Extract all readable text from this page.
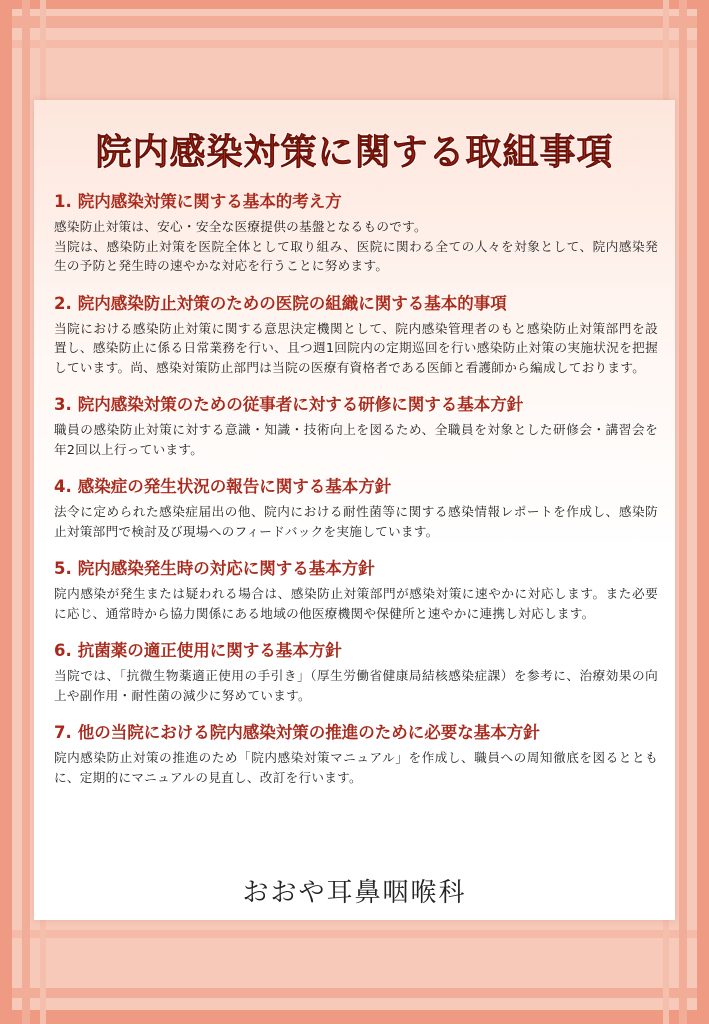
院内感染対策に関する取組事項
1. 院内感染対策に関する基本的考え方
感染防止対策は、安心・安全な医療提供の基盤となるものです。
当院は、感染防止対策を医院全体として取り組み、医院に関わる全ての人々を対象として、院内感染発生の予防と発生時の速やかな対応を行うことに努めます。
2. 院内感染防止対策のための医院の組織に関する基本的事項
当院における感染防止対策に関する意思決定機関として、院内感染管理者のもと感染防止対策部門を設置し、感染防止に係る日常業務を行い、且つ週1回院内の定期巡回を行い感染防止対策の実施状況を把握しています。尚、感染対策防止部門は当院の医療有資格者である医師と看護師から編成しております。
3. 院内感染対策のための従事者に対する研修に関する基本方針
職員の感染防止対策に対する意識・知識・技術向上を図るため、全職員を対象とした研修会・講習会を年2回以上行っています。
4. 感染症の発生状況の報告に関する基本方針
法令に定められた感染症届出の他、院内における耐性菌等に関する感染情報レポートを作成し、感染防止対策部門で検討及び現場へのフィードバックを実施しています。
5. 院内感染発生時の対応に関する基本方針
院内感染が発生または疑われる場合は、感染防止対策部門が感染対策に速やかに対応します。また必要に応じ、通常時から協力関係にある地域の他医療機関や保健所と速やかに連携し対応します。
6. 抗菌薬の適正使用に関する基本方針
当院では、「抗微生物薬適正使用の手引き」（厚生労働省健康局結核感染症課）を参考に、治療効果の向上や副作用・耐性菌の減少に努めています。
7. 他の当院における院内感染対策の推進のために必要な基本方針
院内感染防止対策の推進のため「院内感染対策マニュアル」を作成し、職員への周知徹底を図るとともに、定期的にマニュアルの見直し、改訂を行います。
おおや耳鼻咽喉科
